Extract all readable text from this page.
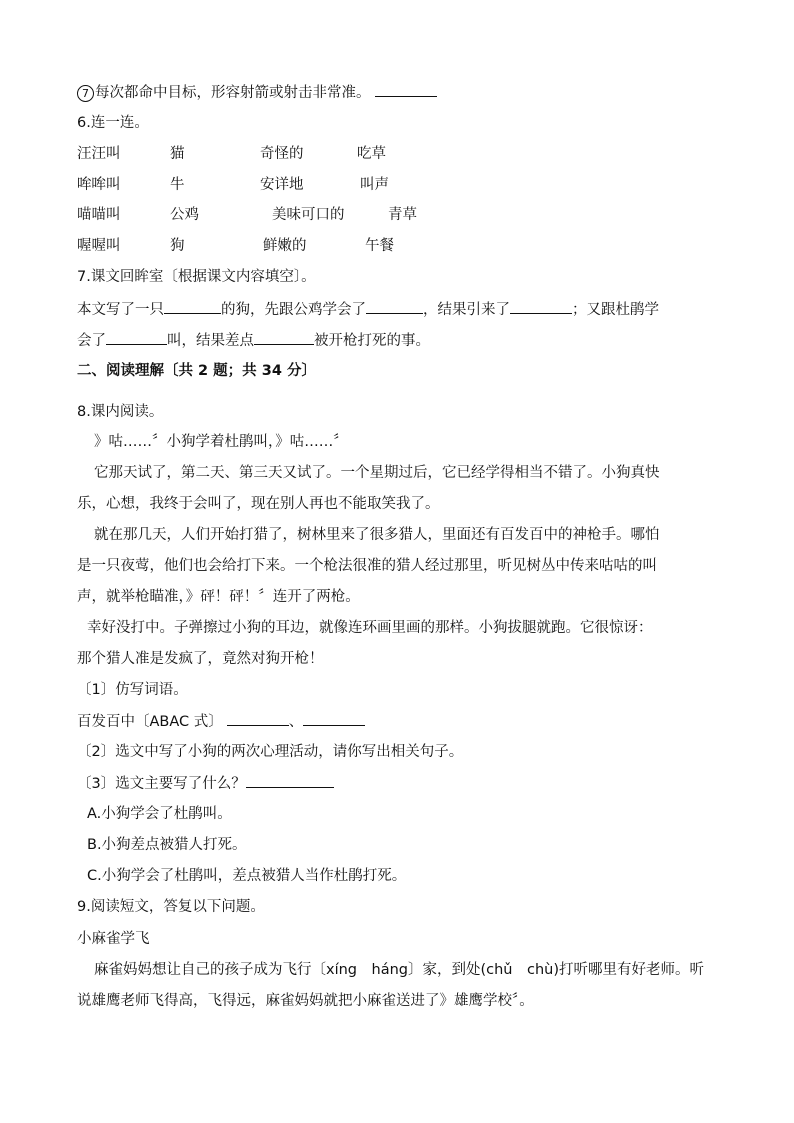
7 每次都命中目标，形容射箭或射击非常准。
6.连一连。
汪汪叫	猫	奇怪的	吃草
哞哞叫	牛	安详地	叫声
喵喵叫	公鸡	美味可口的	青草
喔喔叫	狗	鲜嫩的	午餐
7.课文回眸室〔根据课文内容填空〕。
本文写了一只	的狗，先跟公鸡学会了	，结果引来了	；又跟杜鹃学
会了	叫，结果差点	被开枪打死的事。
二、阅读理解〔共 2 题；共 34 分〕
8.课内阅读。
》咕……〞小狗学着杜鹃叫，》咕……〞
它那天试了，第二天、第三天又试了。一个星期过后，它已经学得相当不错了。小狗真快
乐，心想，我终于会叫了，现在别人再也不能取笑我了。
就在那几天，人们开始打猎了，树林里来了很多猎人，里面还有百发百中的神枪手。哪怕
是一只夜莺，他们也会给打下来。一个枪法很准的猎人经过那里，听见树丛中传来咕咕的叫
声，就举枪瞄准，》砰！砰！〞连开了两枪。
幸好没打中。子弹擦过小狗的耳边，就像连环画里画的那样。小狗拔腿就跑。它很惊讶：
那个猎人准是发疯了，竟然对狗开枪！
〔1〕仿写词语。
百发百中〔ABAC 式〕	、
〔2〕选文中写了小狗的两次心理活动，请你写出相关句子。
〔3〕选文主要写了什么？
A.小狗学会了杜鹃叫。
B.小狗差点被猎人打死。
C.小狗学会了杜鹃叫，差点被猎人当作杜鹃打死。
9.阅读短文，答复以下问题。
小麻雀学飞
麻雀妈妈想让自己的孩子成为飞行〔xíng　háng〕家，到处(chǔ　chù)打听哪里有好老师。听
说雄鹰老师飞得高，飞得远，麻雀妈妈就把小麻雀送进了》雄鹰学校〞。
